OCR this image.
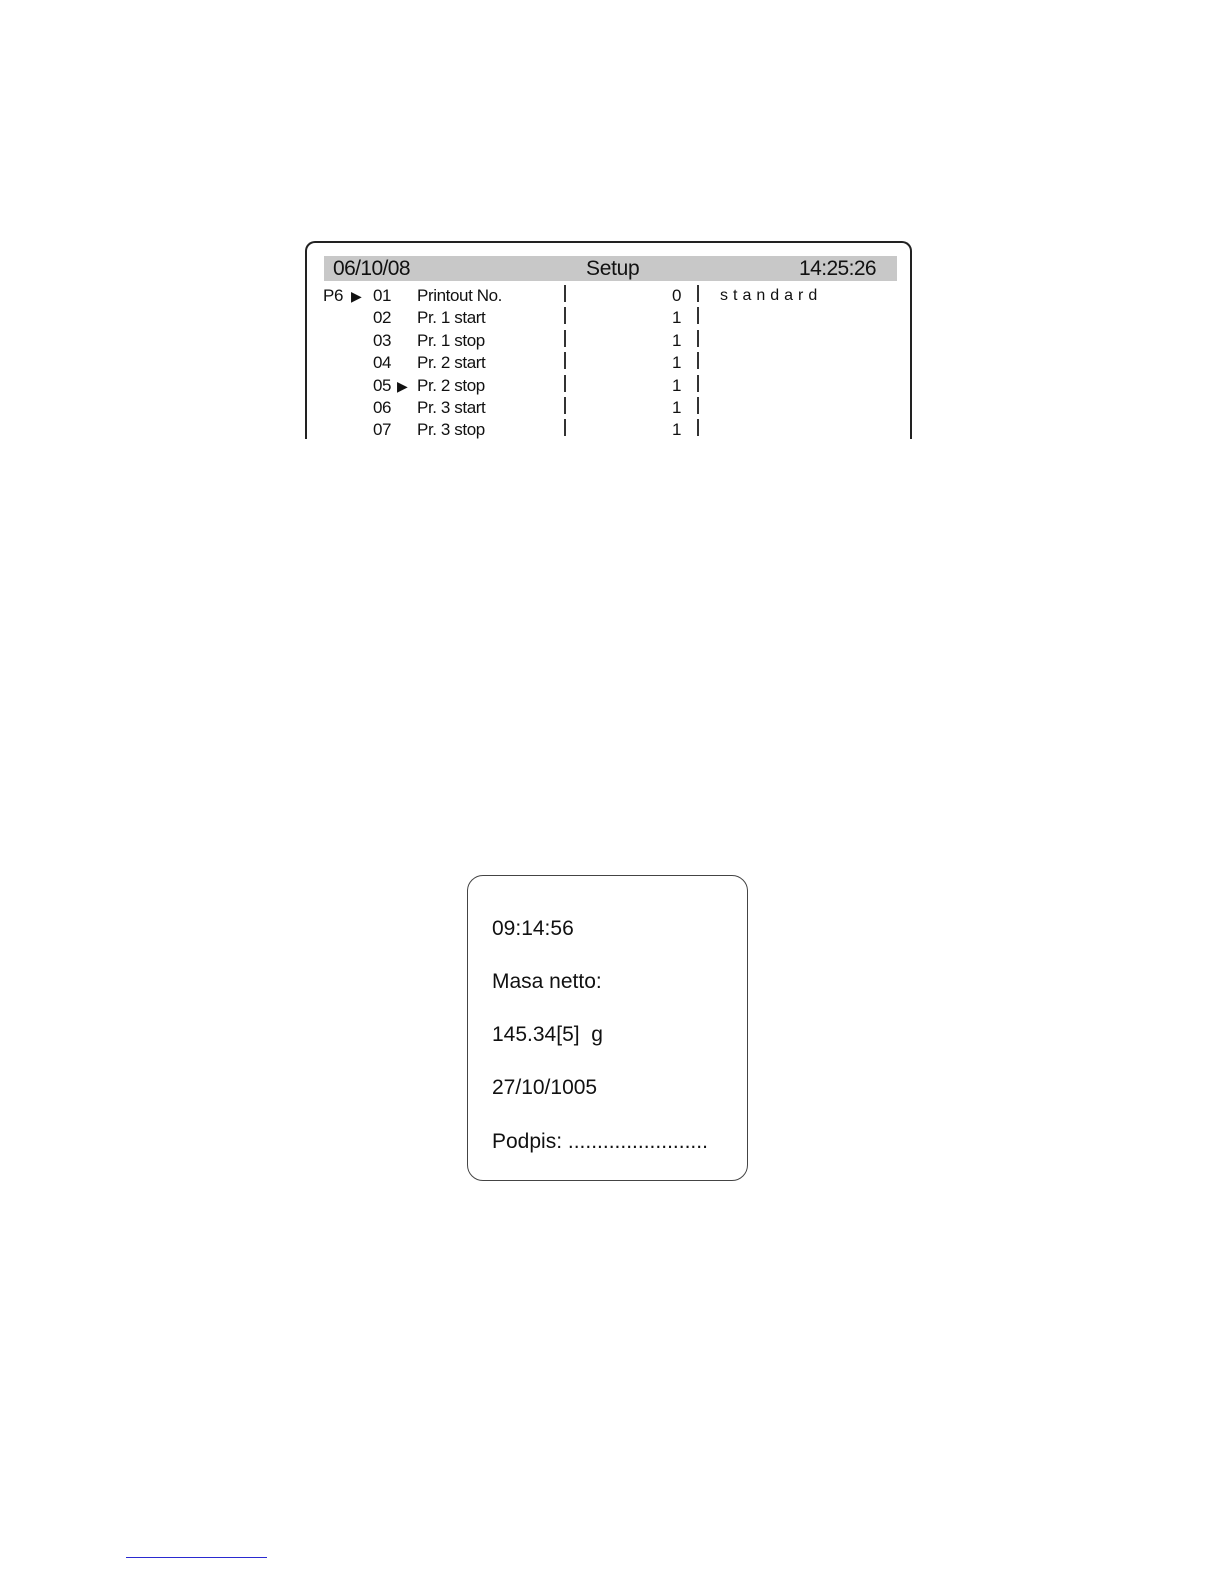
06/10/08	Setup	14:25:26
P6 ▶ 01 Printout No.	0 standard
02 Pr. 1 start	1
03 Pr. 1 stop	1
04 Pr. 2 start	1
05 ▶ Pr. 2 stop	1
06 Pr. 3 start	1
07 Pr. 3 stop	1
09:14:56
Masa netto:
145.34[5]  g
27/10/1005
Podpis: ........................
